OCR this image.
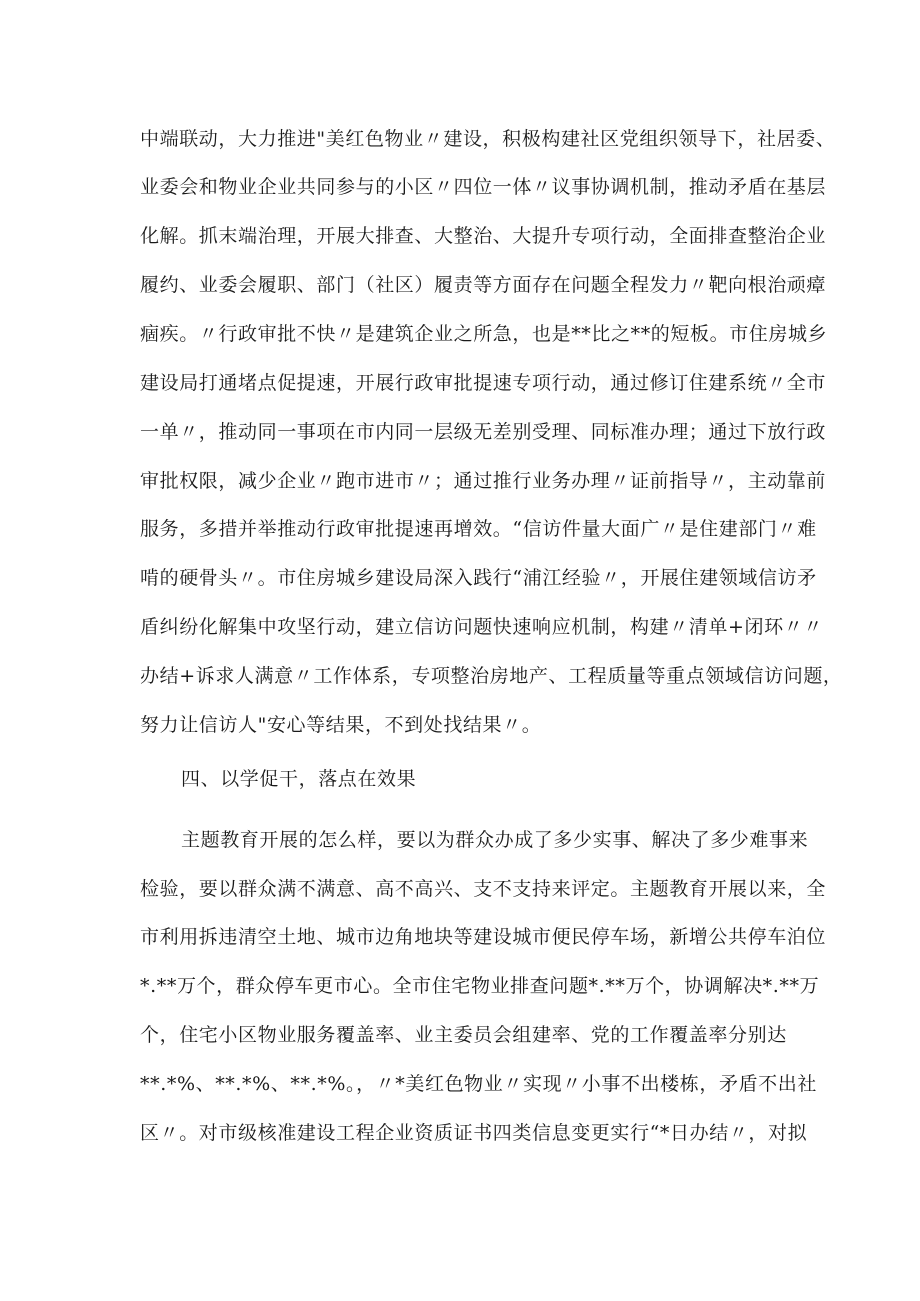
中端联动，大力推进"美红色物业〃建设，积极构建社区党组织领导下，社居委、
业委会和物业企业共同参与的小区〃四位一体〃议事协调机制，推动矛盾在基层
化解。抓末端治理，开展大排查、大整治、大提升专项行动，全面排查整治企业
履约、业委会履职、部门（社区）履责等方面存在问题全程发力〃靶向根治顽瘴
痼疾。〃行政审批不快〃是建筑企业之所急，也是**比之**的短板。市住房城乡
建设局打通堵点促提速，开展行政审批提速专项行动，通过修订住建系统〃全市
一单〃，推动同一事项在市内同一层级无差别受理、同标准办理；通过下放行政
审批权限，减少企业〃跑市进市〃；通过推行业务办理〃证前指导〃，主动靠前
服务，多措并举推动行政审批提速再增效。“信访件量大面广〃是住建部门〃难
啃的硬骨头〃。市住房城乡建设局深入践行“浦江经验〃，开展住建领域信访矛
盾纠纷化解集中攻坚行动，建立信访问题快速响应机制，构建〃清单+闭环〃〃
办结+诉求人满意〃工作体系，专项整治房地产、工程质量等重点领域信访问题，
努力让信访人"安心等结果，不到处找结果〃。
四、以学促干，落点在效果
主题教育开展的怎么样，要以为群众办成了多少实事、解决了多少难事来
检验，要以群众满不满意、高不高兴、支不支持来评定。主题教育开展以来，全
市利用拆违清空土地、城市边角地块等建设城市便民停车场，新增公共停车泊位
*.**万个，群众停车更市心。全市住宅物业排查问题*.**万个，协调解决*.**万
个，住宅小区物业服务覆盖率、业主委员会组建率、党的工作覆盖率分别达
**.*%、**.*%、**.*%。，〃*美红色物业〃实现〃小事不出楼栋，矛盾不出社
区〃。对市级核准建设工程企业资质证书四类信息变更实行“*日办结〃，对拟
